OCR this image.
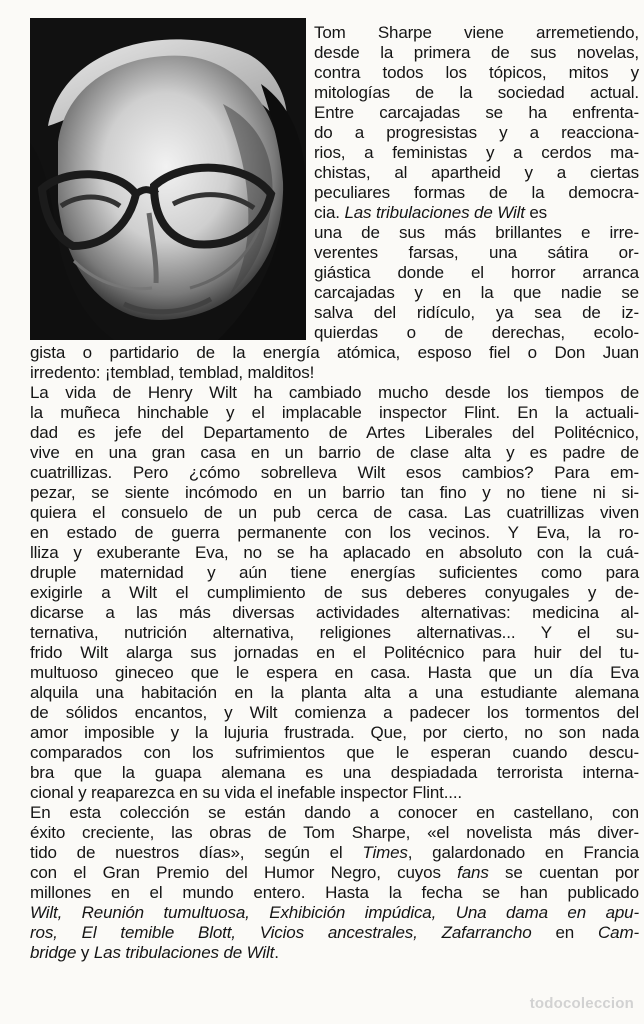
Tom Sharpe viene arremetiendo,
desde la primera de sus novelas,
contra todos los tópicos, mitos y
mitologías de la sociedad actual.
Entre carcajadas se ha enfrenta-
do a progresistas y a reacciona-
rios, a feministas y a cerdos ma-
chistas, al apartheid y a ciertas
peculiares formas de la democra-
cia. Las tribulaciones de Wilt es
una de sus más brillantes e irre-
verentes farsas, una sátira or-
giástica donde el horror arranca
carcajadas y en la que nadie se
salva del ridículo, ya sea de iz-
quierdas o de derechas, ecolo-
gista o partidario de la energía atómica, esposo fiel o Don Juan
irredento: ¡temblad, temblad, malditos!
La vida de Henry Wilt ha cambiado mucho desde los tiempos de
la muñeca hinchable y el implacable inspector Flint. En la actuali-
dad es jefe del Departamento de Artes Liberales del Politécnico,
vive en una gran casa en un barrio de clase alta y es padre de
cuatrillizas. Pero ¿cómo sobrelleva Wilt esos cambios? Para em-
pezar, se siente incómodo en un barrio tan fino y no tiene ni si-
quiera el consuelo de un pub cerca de casa. Las cuatrillizas viven
en estado de guerra permanente con los vecinos. Y Eva, la ro-
lliza y exuberante Eva, no se ha aplacado en absoluto con la cuá-
druple maternidad y aún tiene energías suficientes como para
exigirle a Wilt el cumplimiento de sus deberes conyugales y de-
dicarse a las más diversas actividades alternativas: medicina al-
ternativa, nutrición alternativa, religiones alternativas... Y el su-
frido Wilt alarga sus jornadas en el Politécnico para huir del tu-
multuoso gineceo que le espera en casa. Hasta que un día Eva
alquila una habitación en la planta alta a una estudiante alemana
de sólidos encantos, y Wilt comienza a padecer los tormentos del
amor imposible y la lujuria frustrada. Que, por cierto, no son nada
comparados con los sufrimientos que le esperan cuando descu-
bra que la guapa alemana es una despiadada terrorista interna-
cional y reaparezca en su vida el inefable inspector Flint....
En esta colección se están dando a conocer en castellano, con
éxito creciente, las obras de Tom Sharpe, «el novelista más diver-
tido de nuestros días», según el Times, galardonado en Francia
con el Gran Premio del Humor Negro, cuyos fans se cuentan por
millones en el mundo entero. Hasta la fecha se han publicado
Wilt, Reunión tumultuosa, Exhibición impúdica, Una dama en apu-
ros, El temible Blott, Vicios ancestrales, Zafarrancho en Cam-
bridge y Las tribulaciones de Wilt.
todocoleccion
